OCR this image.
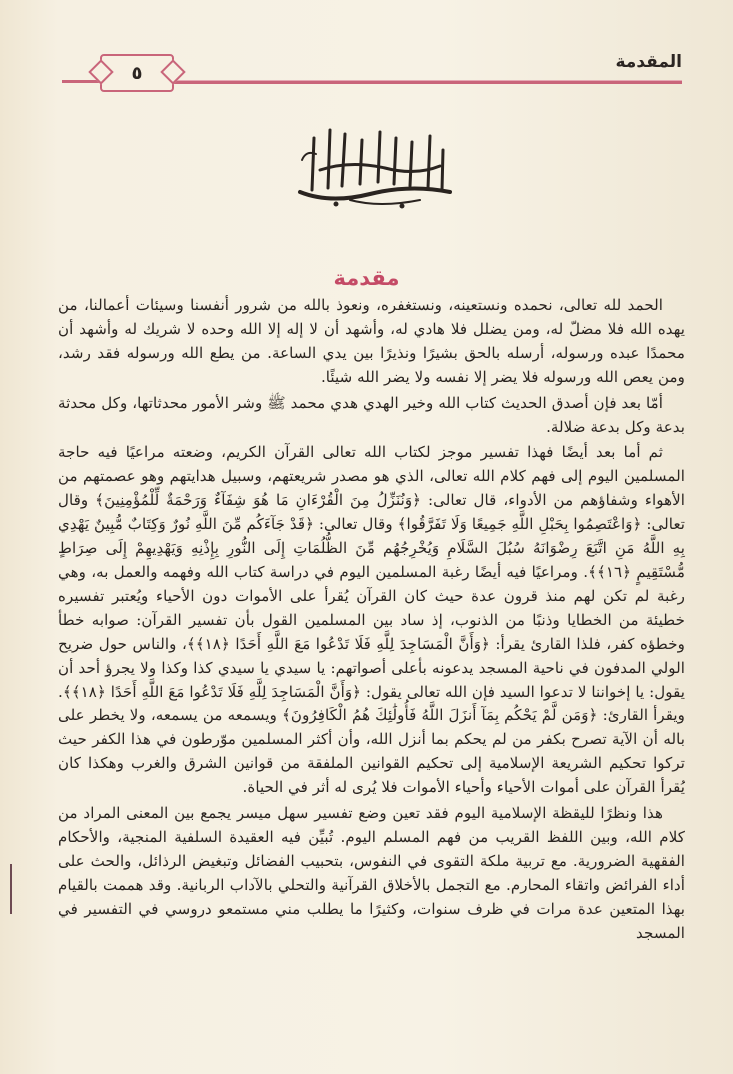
المقدمة
٥
بسم الله الرحمن الرحيم
مقدمة

الحمد لله تعالى، نحمده ونستعينه، ونستغفره، ونعوذ بالله من شرور أنفسنا وسيئات أعمالنا، من يهده الله فلا مضلّ له، ومن يضلل فلا هادي له، وأشهد أن لا إله إلا الله وحده لا شريك له وأشهد أن محمدًا عبده ورسوله، أرسله بالحق بشيرًا ونذيرًا بين يدي الساعة. من يطع الله ورسوله فقد رشد، ومن يعص الله ورسوله فلا يضر إلا نفسه ولا يضر الله شيئًا.

أمّا بعد فإن أصدق الحديث كتاب الله وخير الهدي هدي محمد ﷺ وشر الأمور محدثاتها، وكل محدثة بدعة وكل بدعة ضلالة.

ثم أما بعد أيضًا فهذا تفسير موجز لكتاب الله تعالى القرآن الكريم، وضعته مراعيًا فيه حاجة المسلمين اليوم إلى فهم كلام الله تعالى، الذي هو مصدر شريعتهم، وسبيل هدايتهم وهو عصمتهم من الأهواء وشفاؤهم من الأدواء، قال تعالى: ﴿وَنُنَزِّلُ مِنَ الْقُرْءَانِ مَا هُوَ شِفَآءٌ وَرَحْمَةٌ لِّلْمُؤْمِنِينَ﴾ وقال تعالى: ﴿وَاعْتَصِمُوا بِحَبْلِ اللَّهِ جَمِيعًا وَلَا تَفَرَّقُوا﴾ وقال تعالى: ﴿قَدْ جَآءَكُم مِّنَ اللَّهِ نُورٌ وَكِتَابٌ مُّبِينٌ يَهْدِي بِهِ اللَّهُ مَنِ اتَّبَعَ رِضْوَانَهُ سُبُلَ السَّلَامِ وَيُخْرِجُهُم مِّنَ الظُّلُمَاتِ إِلَى النُّورِ بِإِذْنِهِ وَيَهْدِيهِمْ إِلَى صِرَاطٍ مُّسْتَقِيمٍ ﴿١٦﴾﴾. ومراعيًا فيه أيضًا رغبة المسلمين اليوم في دراسة كتاب الله وفهمه والعمل به، وهي رغبة لم تكن لهم منذ قرون عدة حيث كان القرآن يُقرأ على الأموات دون الأحياء ويُعتبر تفسيره خطيئة من الخطايا وذنبًا من الذنوب، إذ ساد بين المسلمين القول بأن تفسير القرآن: صوابه خطأ وخطؤه كفر، فلذا القارئ يقرأ: ﴿وَأَنَّ الْمَسَاجِدَ لِلَّهِ فَلَا تَدْعُوا مَعَ اللَّهِ أَحَدًا ﴿١٨﴾﴾، والناس حول ضريح الولي المدفون في ناحية المسجد يدعونه بأعلى أصواتهم: يا سيدي يا سيدي كذا وكذا ولا يجرؤ أحد أن يقول: يا إخواننا لا تدعوا السيد فإن الله تعالى يقول: ﴿وَأَنَّ الْمَسَاجِدَ لِلَّهِ فَلَا تَدْعُوا مَعَ اللَّهِ أَحَدًا ﴿١٨﴾﴾. ويقرأ القارئ: ﴿وَمَن لَّمْ يَحْكُم بِمَآ أَنزَلَ اللَّهُ فَأُولَٰئِكَ هُمُ الْكَافِرُونَ﴾ ويسمعه من يسمعه، ولا يخطر على باله أن الآية تصرح بكفر من لم يحكم بما أنزل الله، وأن أكثر المسلمين موّرطون في هذا الكفر حيث تركوا تحكيم الشريعة الإسلامية إلى تحكيم القوانين الملفقة من قوانين الشرق والغرب وهكذا كان يُقرأ القرآن على أموات الأحياء وأحياء الأموات فلا يُرى له أثر في الحياة.

هذا ونظرًا لليقظة الإسلامية اليوم فقد تعين وضع تفسير سهل ميسر يجمع بين المعنى المراد من كلام الله، وبين اللفظ القريب من فهم المسلم اليوم. تُبيِّن فيه العقيدة السلفية المنجية، والأحكام الفقهية الضرورية. مع تربية ملكة التقوى في النفوس، بتحبيب الفضائل وتبغيض الرذائل، والحث على أداء الفرائض واتقاء المحارم. مع التجمل بالأخلاق القرآنية والتحلي بالآداب الربانية. وقد هممت بالقيام بهذا المتعين عدة مرات في ظرف سنوات، وكثيرًا ما يطلب مني مستمعو دروسي في التفسير في المسجد
